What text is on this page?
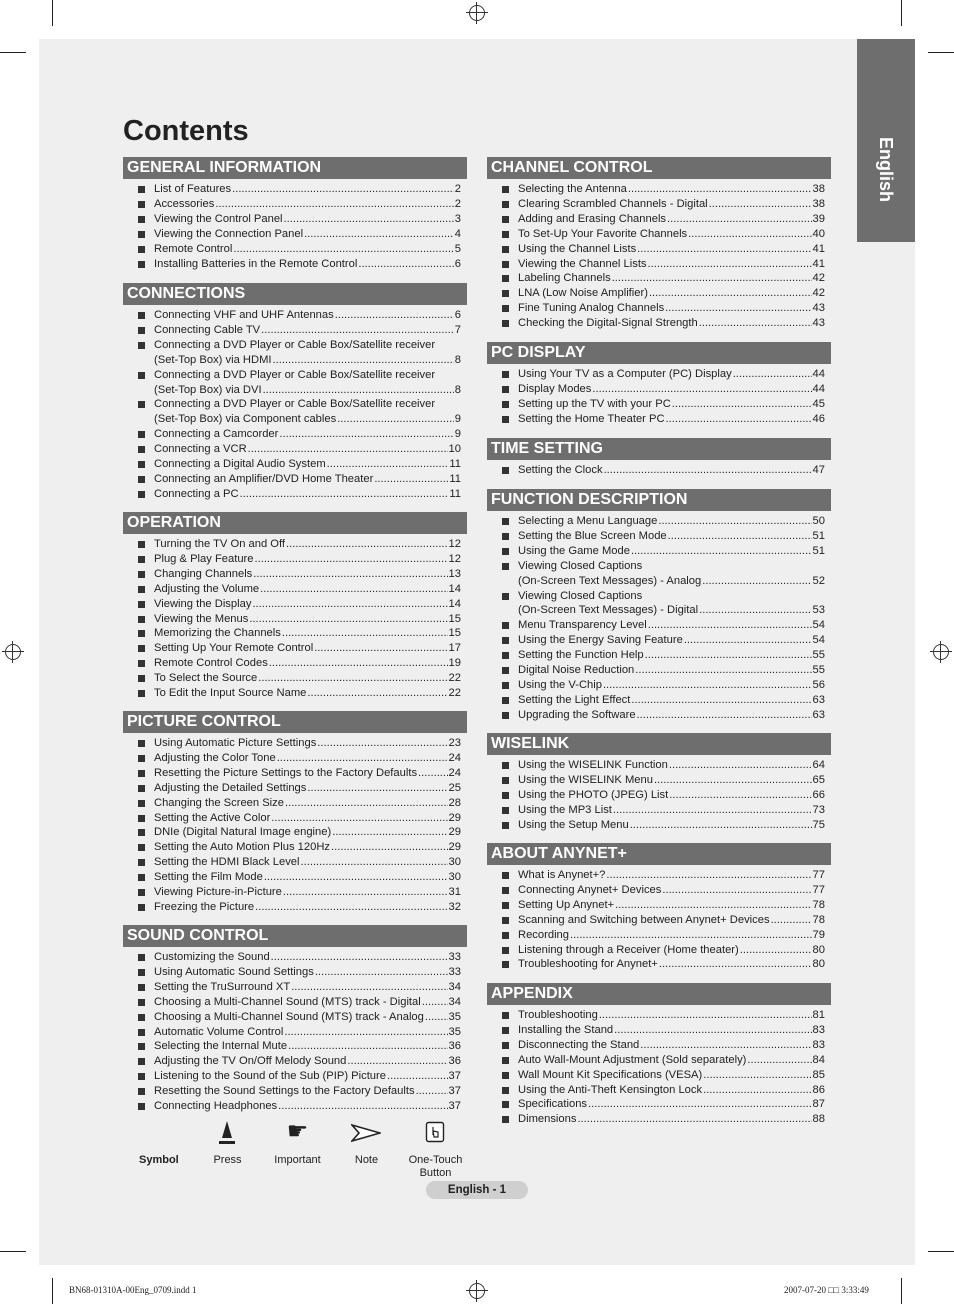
English
Contents
GENERAL INFORMATION
List of Features .....	2
Accessories .....	2
Viewing the Control Panel .....	3
Viewing the Connection Panel .....	4
Remote Control .....	5
Installing Batteries in the Remote Control .....	6
CONNECTIONS
Connecting VHF and UHF Antennas .....	6
Connecting Cable TV .....	7
Connecting a DVD Player or Cable Box/Satellite receiver
(Set-Top Box) via HDMI .....	8
Connecting a DVD Player or Cable Box/Satellite receiver
(Set-Top Box) via DVI .....	8
Connecting a DVD Player or Cable Box/Satellite receiver
(Set-Top Box) via Component cables .....	9
Connecting a Camcorder .....	9
Connecting a VCR .....	10
Connecting a Digital Audio System .....	11
Connecting an Amplifier/DVD Home Theater .....	11
Connecting a PC .....	11
OPERATION
Turning the TV On and Off .....	12
Plug & Play Feature .....	12
Changing Channels .....	13
Adjusting the Volume .....	14
Viewing the Display .....	14
Viewing the Menus .....	15
Memorizing the Channels .....	15
Setting Up Your Remote Control .....	17
Remote Control Codes .....	19
To Select the Source .....	22
To Edit the Input Source Name .....	22
PICTURE CONTROL
Using Automatic Picture Settings .....	23
Adjusting the Color Tone .....	24
Resetting the Picture Settings to the Factory Defaults .....	24
Adjusting the Detailed Settings .....	25
Changing the Screen Size .....	28
Setting the Active Color .....	29
DNIe (Digital Natural Image engine) .....	29
Setting the Auto Motion Plus 120Hz .....	29
Setting the HDMI Black Level .....	30
Setting the Film Mode .....	30
Viewing Picture-in-Picture .....	31
Freezing the Picture .....	32
SOUND CONTROL
Customizing the Sound .....	33
Using Automatic Sound Settings .....	33
Setting the TruSurround XT .....	34
Choosing a Multi-Channel Sound (MTS) track - Digital ..... 34
Choosing a Multi-Channel Sound (MTS) track - Analog ..... 35
Automatic Volume Control .....	35
Selecting the Internal Mute .....	36
Adjusting the TV On/Off Melody Sound .....	36
Listening to the Sound of the Sub (PIP) Picture .....	37
Resetting the Sound Settings to the Factory Defaults .....	37
Connecting Headphones .....	37
CHANNEL CONTROL
Selecting the Antenna .....	38
Clearing Scrambled Channels - Digital .....	38
Adding and Erasing Channels .....	39
To Set-Up Your Favorite Channels .....	40
Using the Channel Lists .....	41
Viewing the Channel Lists .....	41
Labeling Channels .....	42
LNA (Low Noise Amplifier) .....	42
Fine Tuning Analog Channels .....	43
Checking the Digital-Signal Strength .....	43
PC DISPLAY
Using Your TV as a Computer (PC) Display .....	44
Display Modes .....	44
Setting up the TV with your PC .....	45
Setting the Home Theater PC .....	46
TIME SETTING
Setting the Clock .....	47
FUNCTION DESCRIPTION
Selecting a Menu Language .....	50
Setting the Blue Screen Mode .....	51
Using the Game Mode .....	51
Viewing Closed Captions
(On-Screen Text Messages) - Analog .....	52
Viewing Closed Captions
(On-Screen Text Messages) - Digital .....	53
Menu Transparency Level .....	54
Using the Energy Saving Feature .....	54
Setting the Function Help .....	55
Digital Noise Reduction .....	55
Using the V-Chip .....	56
Setting the Light Effect .....	63
Upgrading the Software .....	63
WISELINK
Using the WISELINK Function .....	64
Using the WISELINK Menu .....	65
Using the PHOTO (JPEG) List .....	66
Using the MP3 List .....	73
Using the Setup Menu .....	75
ABOUT ANYNET+
What is Anynet+? .....	77
Connecting Anynet+ Devices .....	77
Setting Up Anynet+ .....	78
Scanning and Switching between Anynet+ Devices .....	78
Recording .....	79
Listening through a Receiver (Home theater) .....	80
Troubleshooting for Anynet+ .....	80
APPENDIX
Troubleshooting .....	81
Installing the Stand .....	83
Disconnecting the Stand .....	83
Auto Wall-Mount Adjustment (Sold separately) .....	84
Wall Mount Kit Specifications (VESA) .....	85
Using the Anti-Theft Kensington Lock .....	86
Specifications .....	87
Dimensions .....	88
Symbol	Press
☛
Important	Note	One-Touch Button
English - 1
BN68-01310A-00Eng_0709.indd 1	2007-07-20 □□ 3:33:49
